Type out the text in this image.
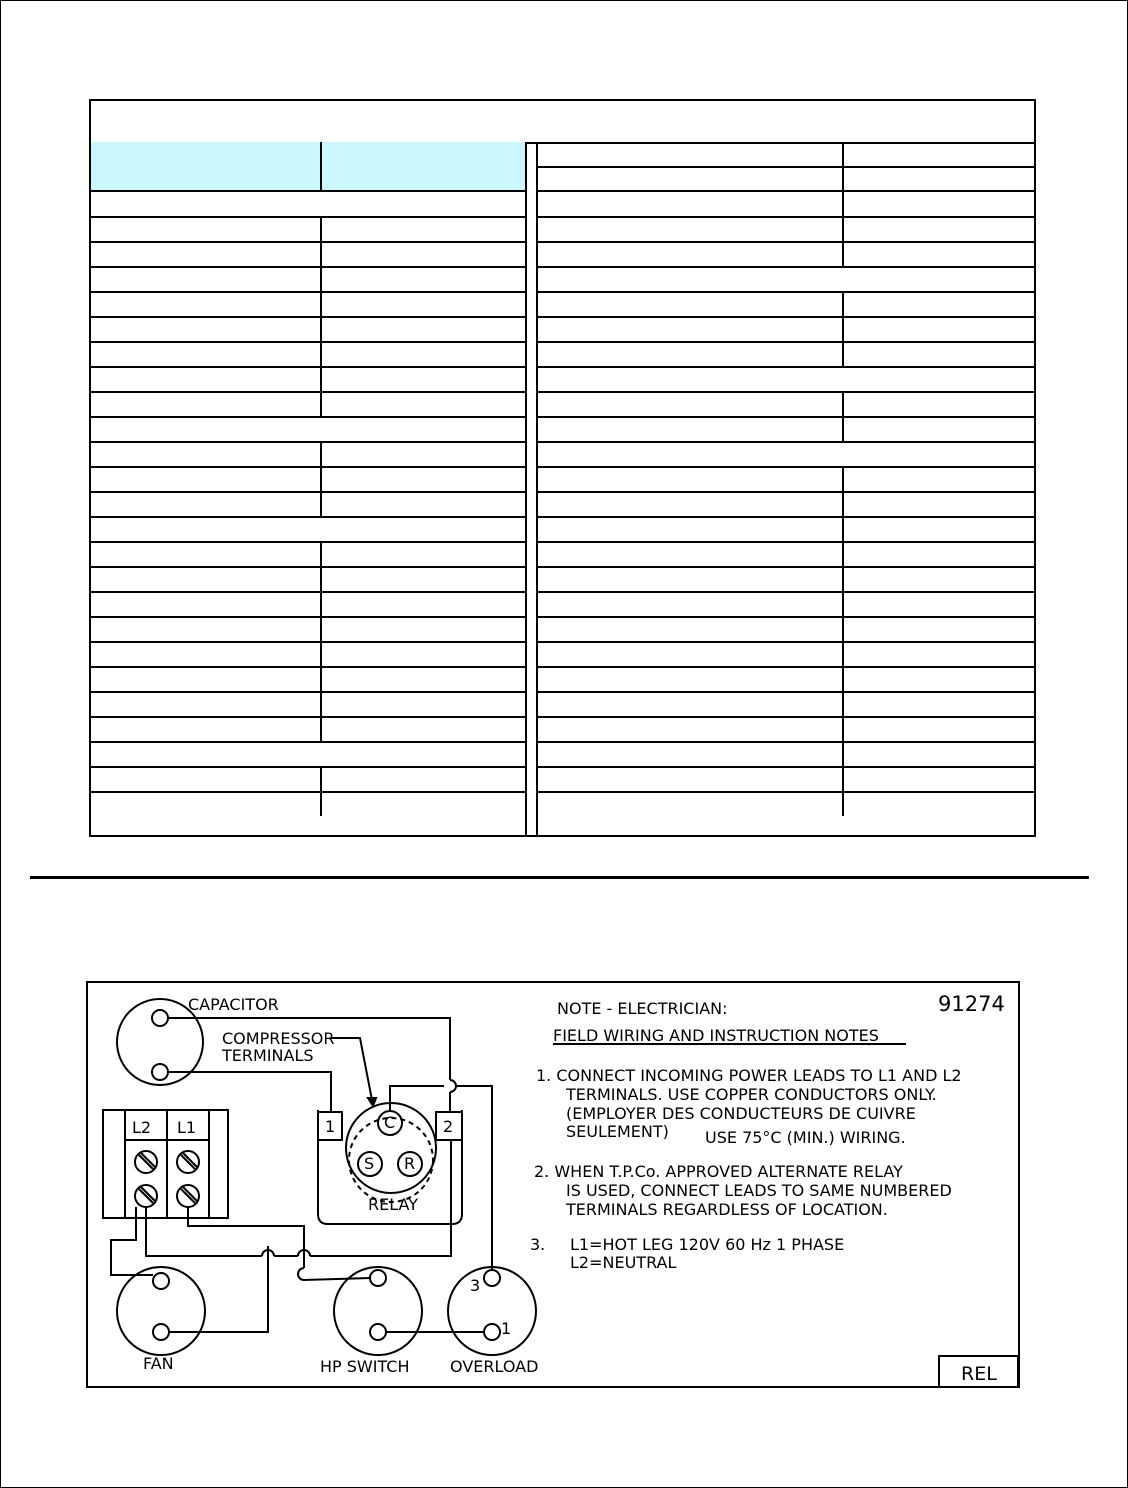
CAPACITOR
COMPRESSOR
TERMINALS
RELAY
FAN	HP SWITCH	OVERLOAD
L2 L1	C
S R
1	2
3
1
NOTE - ELECTRICIAN:	91274
FIELD WIRING AND INSTRUCTION NOTES
1. CONNECT INCOMING POWER LEADS TO L1 AND L2
TERMINALS. USE COPPER CONDUCTORS ONLY.
(EMPLOYER DES CONDUCTEURS DE CUIVRE
SEULEMENT) USE 75°C (MIN.) WIRING.
2. WHEN T.P.Co. APPROVED ALTERNATE RELAY
IS USED, CONNECT LEADS TO SAME NUMBERED
TERMINALS REGARDLESS OF LOCATION.
3. L1=HOT LEG 120V 60 Hz 1 PHASE
L2=NEUTRAL
REL
